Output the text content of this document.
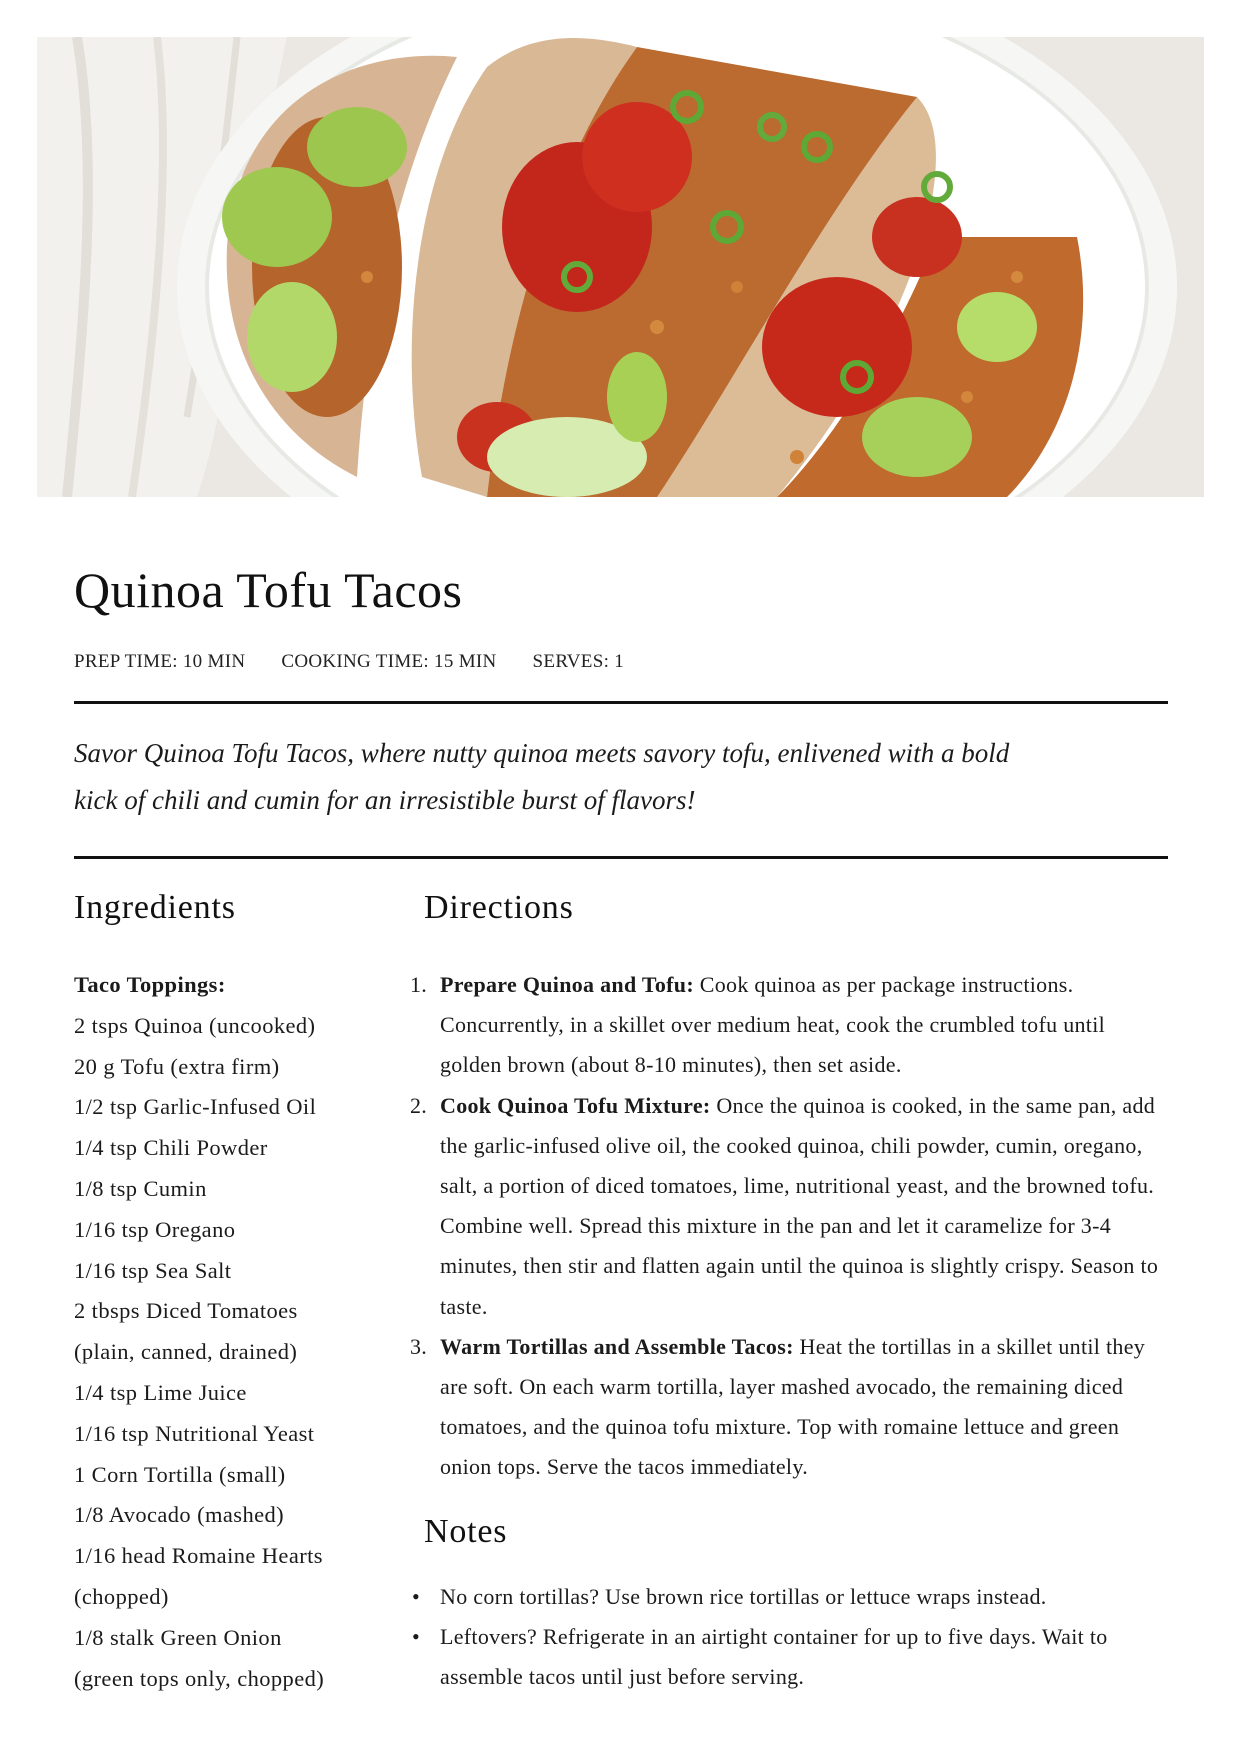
Quinoa Tofu Tacos
PREP TIME: 10 MIN COOKING TIME: 15 MIN SERVES: 1

Savor Quinoa Tofu Tacos, where nutty quinoa meets savory tofu, enlivened with a bold kick of chili and cumin for an irresistible burst of flavors!

Ingredients	Directions
Taco Toppings:
2 tsps Quinoa (uncooked)
20 g Tofu (extra firm)
1/2 tsp Garlic-Infused Oil
1/4 tsp Chili Powder
1/8 tsp Cumin
1/16 tsp Oregano
1/16 tsp Sea Salt
2 tbsps Diced Tomatoes
(plain, canned, drained)
1/4 tsp Lime Juice
1/16 tsp Nutritional Yeast
1 Corn Tortilla (small)
1/8 Avocado (mashed)
1/16 head Romaine Hearts
(chopped)
1/8 stalk Green Onion
(green tops only, chopped)
1. Prepare Quinoa and Tofu: Cook quinoa as per package instructions. Concurrently, in a skillet over medium heat, cook the crumbled tofu until golden brown (about 8-10 minutes), then set aside.
2. Cook Quinoa Tofu Mixture: Once the quinoa is cooked, in the same pan, add the garlic-infused olive oil, the cooked quinoa, chili powder, cumin, oregano, salt, a portion of diced tomatoes, lime, nutritional yeast, and the browned tofu. Combine well. Spread this mixture in the pan and let it caramelize for 3-4 minutes, then stir and flatten again until the quinoa is slightly crispy. Season to taste.
3. Warm Tortillas and Assemble Tacos: Heat the tortillas in a skillet until they are soft. On each warm tortilla, layer mashed avocado, the remaining diced tomatoes, and the quinoa tofu mixture. Top with romaine lettuce and green onion tops. Serve the tacos immediately.
Notes
• No corn tortillas? Use brown rice tortillas or lettuce wraps instead.
• Leftovers? Refrigerate in an airtight container for up to five days. Wait to assemble tacos until just before serving.
